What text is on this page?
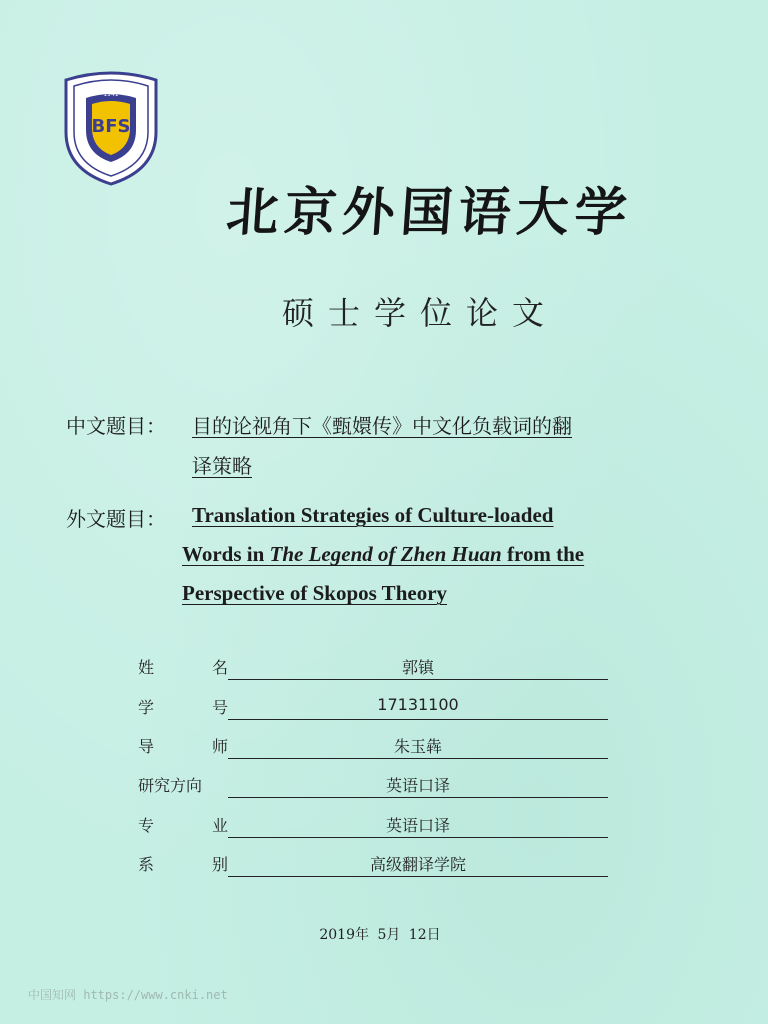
1941
BFS
北京外国语大学
硕士学位论文
中文题目： 目的论视角下《甄嬛传》中文化负载词的翻
译策略
外文题目： Translation Strategies of Culture-loaded
Words in The Legend of Zhen Huan from the
Perspective of Skopos Theory
姓	名	郭镇
学	号	17131100
导	师	朱玉犇
研究方向	英语口译
专	业	英语口译
系	别	高级翻译学院
2019年 5月 12日
中国知网 https://www.cnki.net
